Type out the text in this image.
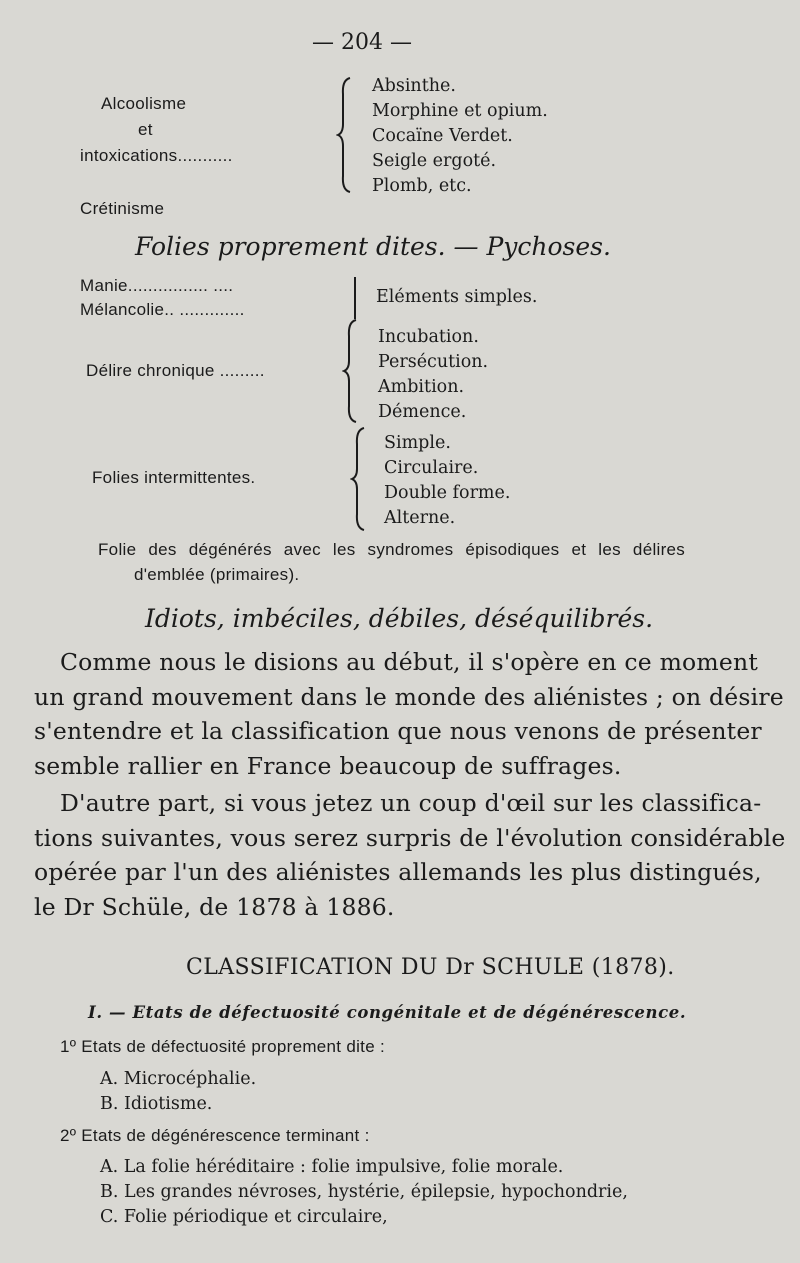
— 204 —
Alcoolisme
et
intoxications...........
Absinthe.
Morphine et opium.
Cocaïne Verdet.
Seigle ergoté.
Plomb, etc.
Crétinisme
Folies proprement dites. — Pychoses.
Manie................ ....
Mélancolie.. .............
Eléments simples.
Délire chronique .........
Incubation.
Persécution.
Ambition.
Démence.
Folies intermittentes.
Simple.
Circulaire.
Double forme.
Alterne.
Folie des dégénérés avec les syndromes épisodiques et les délires
d'emblée (primaires).
Idiots, imbéciles, débiles, déséquilibrés.
Comme nous le disions au début, il s'opère en ce moment
un grand mouvement dans le monde des aliénistes ; on désire
s'entendre et la classification que nous venons de présenter
semble rallier en France beaucoup de suffrages.
D'autre part, si vous jetez un coup d'œil sur les classifica-
tions suivantes, vous serez surpris de l'évolution considérable
opérée par l'un des aliénistes allemands les plus distingués,
le Dr Schüle, de 1878 à 1886.
CLASSIFICATION DU Dr SCHULE (1878).
I. — Etats de défectuosité congénitale et de dégénérescence.
1º Etats de défectuosité proprement dite :
A. Microcéphalie.
B. Idiotisme.
2º Etats de dégénérescence terminant :
A. La folie héréditaire : folie impulsive, folie morale.
B. Les grandes névroses, hystérie, épilepsie, hypochondrie,
C. Folie périodique et circulaire,
